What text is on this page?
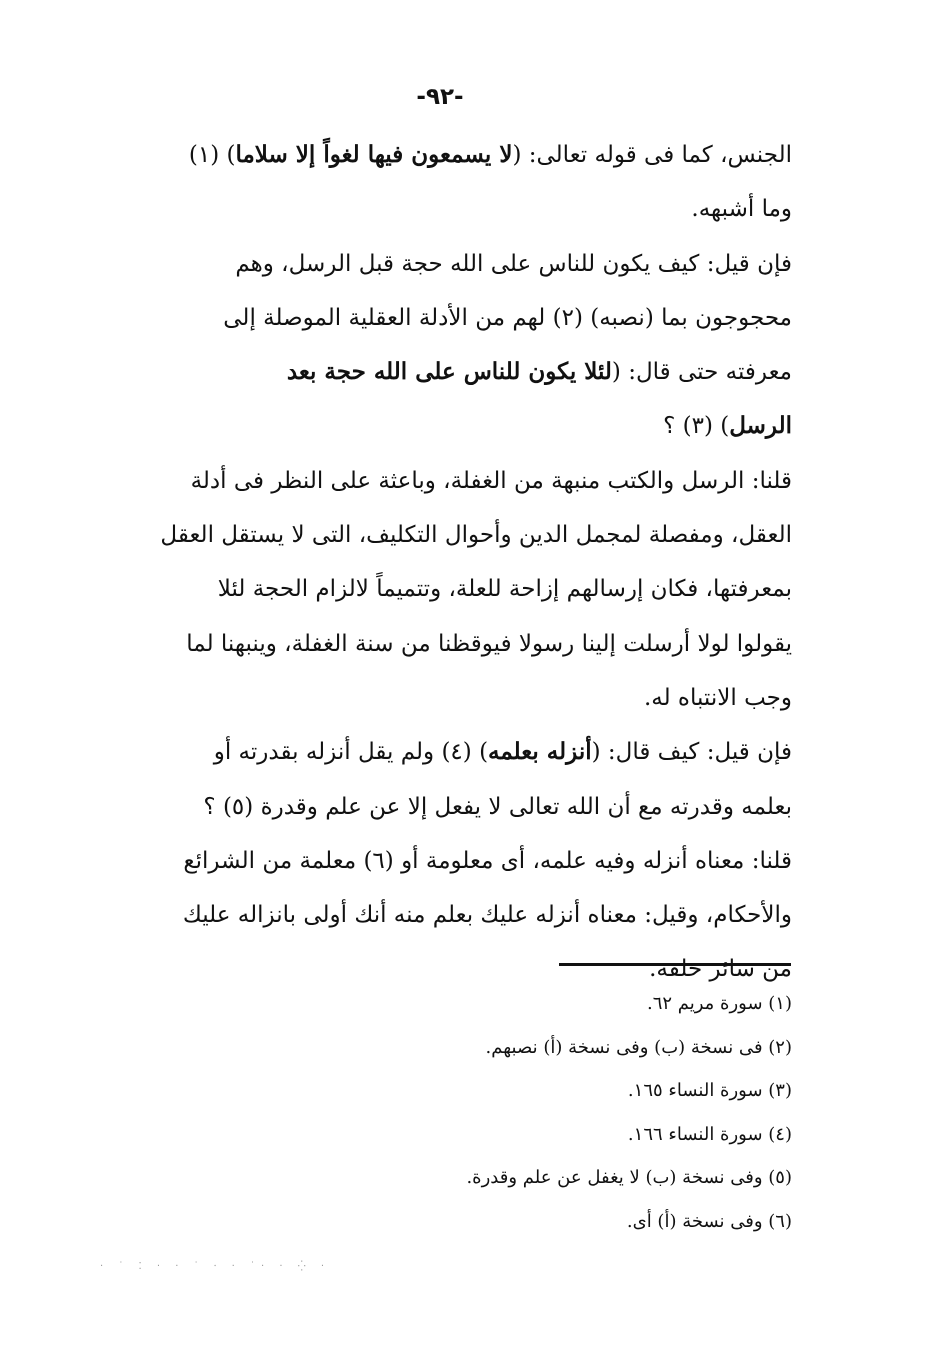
-٩٢-
الجنس، كما فى قوله تعالى: (لا يسمعون فيها لغواً إلا سلاما) (١)
وما أشبهه.
فإن قيل: كيف يكون للناس على الله حجة قبل الرسل، وهم
محجوجون بما (نصبه) (٢) لهم من الأدلة العقلية الموصلة إلى
معرفته حتى قال: (لئلا يكون للناس على الله حجة بعد
الرسل) (٣) ؟
قلنا: الرسل والكتب منبهة من الغفلة، وباعثة على النظر فى أدلة
العقل، ومفصلة لمجمل الدين وأحوال التكليف، التى لا يستقل العقل
بمعرفتها، فكان إرسالهم إزاحة للعلة، وتتميماً لالزام الحجة لئلا
يقولوا لولا أرسلت إلينا رسولا فيوقظنا من سنة الغفلة، وينبهنا لما
وجب الانتباه له.
فإن قيل: كيف قال: (أنزله بعلمه) (٤) ولم يقل أنزله بقدرته أو
بعلمه وقدرته مع أن الله تعالى لا يفعل إلا عن علم وقدرة (٥) ؟
قلنا: معناه أنزله وفيه علمه، أى معلومة أو (٦) معلمة من الشرائع
والأحكام، وقيل: معناه أنزله عليك بعلم منه أنك أولى بانزاله عليك
من سائر خلقه.
(١) سورة مريم ٦٢.
(٢) فى نسخة (ب) وفى نسخة (أ) نصبهم.
(٣) سورة النساء ١٦٥.
(٤) سورة النساء ١٦٦.
(٥) وفى نسخة (ب) لا يغفل عن علم وقدرة.
(٦) وفى نسخة (أ) أى.
· ˙ ⁚ · · ˙ ⸱ · ˙· · ⁛ ·
